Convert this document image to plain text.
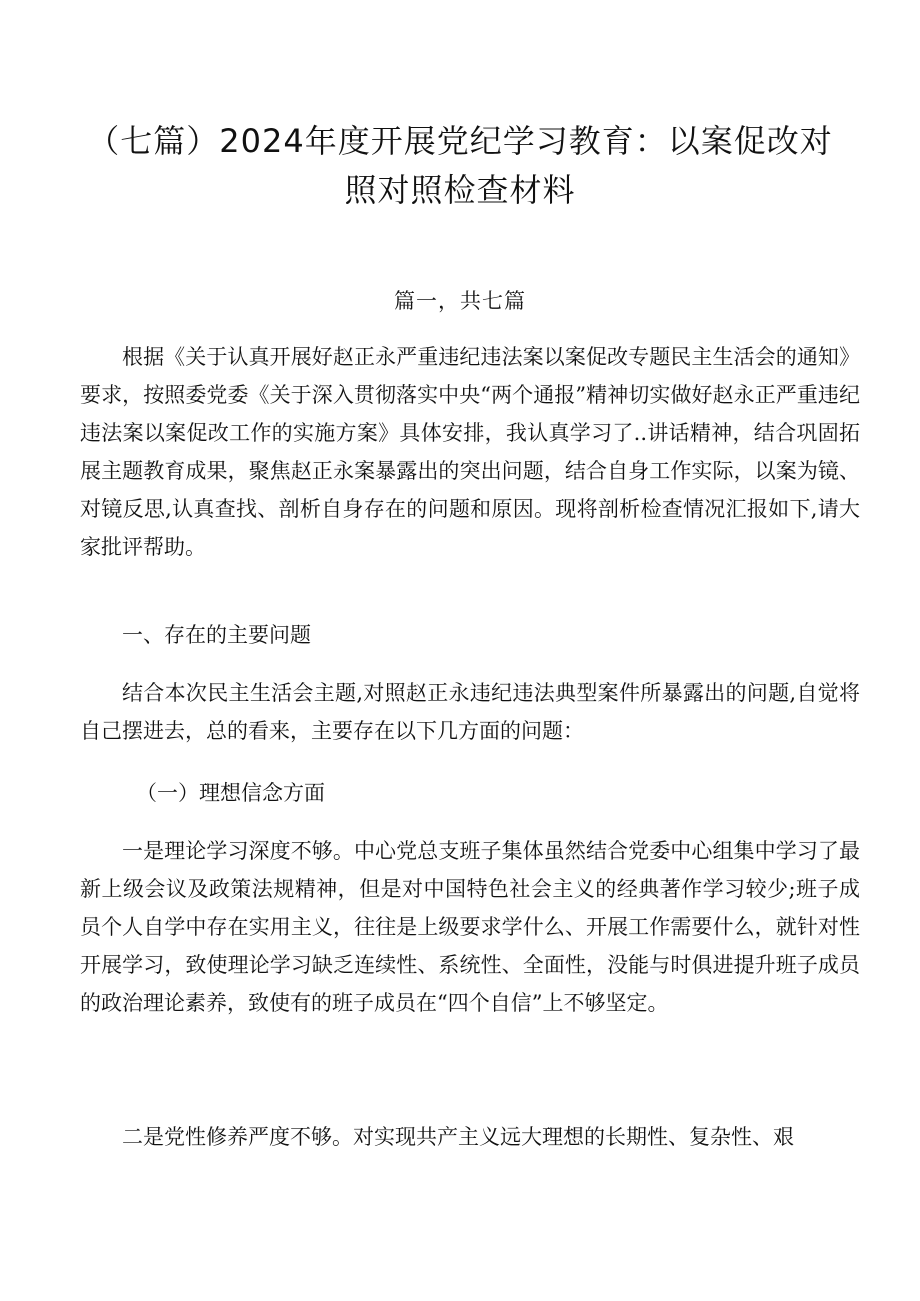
（七篇）2024年度开展党纪学习教育：以案促改对
照对照检查材料
篇一，共七篇

根据《关于认真开展好赵正永严重违纪违法案以案促改专题民主生活会的通知》要求，按照委党委《关于深入贯彻落实中央“两个通报”精神切实做好赵永正严重违纪违法案以案促改工作的实施方案》具体安排，我认真学习了..讲话精神，结合巩固拓展主题教育成果，聚焦赵正永案暴露出的突出问题，结合自身工作实际，以案为镜、对镜反思,认真查找、剖析自身存在的问题和原因。现将剖析检查情况汇报如下,请大家批评帮助。

一、存在的主要问题

结合本次民主生活会主题,对照赵正永违纪违法典型案件所暴露出的问题,自觉将自己摆进去，总的看来，主要存在以下几方面的问题：

（一）理想信念方面

一是理论学习深度不够。中心党总支班子集体虽然结合党委中心组集中学习了最新上级会议及政策法规精神，但是对中国特色社会主义的经典著作学习较少;班子成员个人自学中存在实用主义，往往是上级要求学什么、开展工作需要什么，就针对性开展学习，致使理论学习缺乏连续性、系统性、全面性，没能与时俱进提升班子成员的政治理论素养，致使有的班子成员在“四个自信”上不够坚定。

二是党性修养严度不够。对实现共产主义远大理想的长期性、复杂性、艰
